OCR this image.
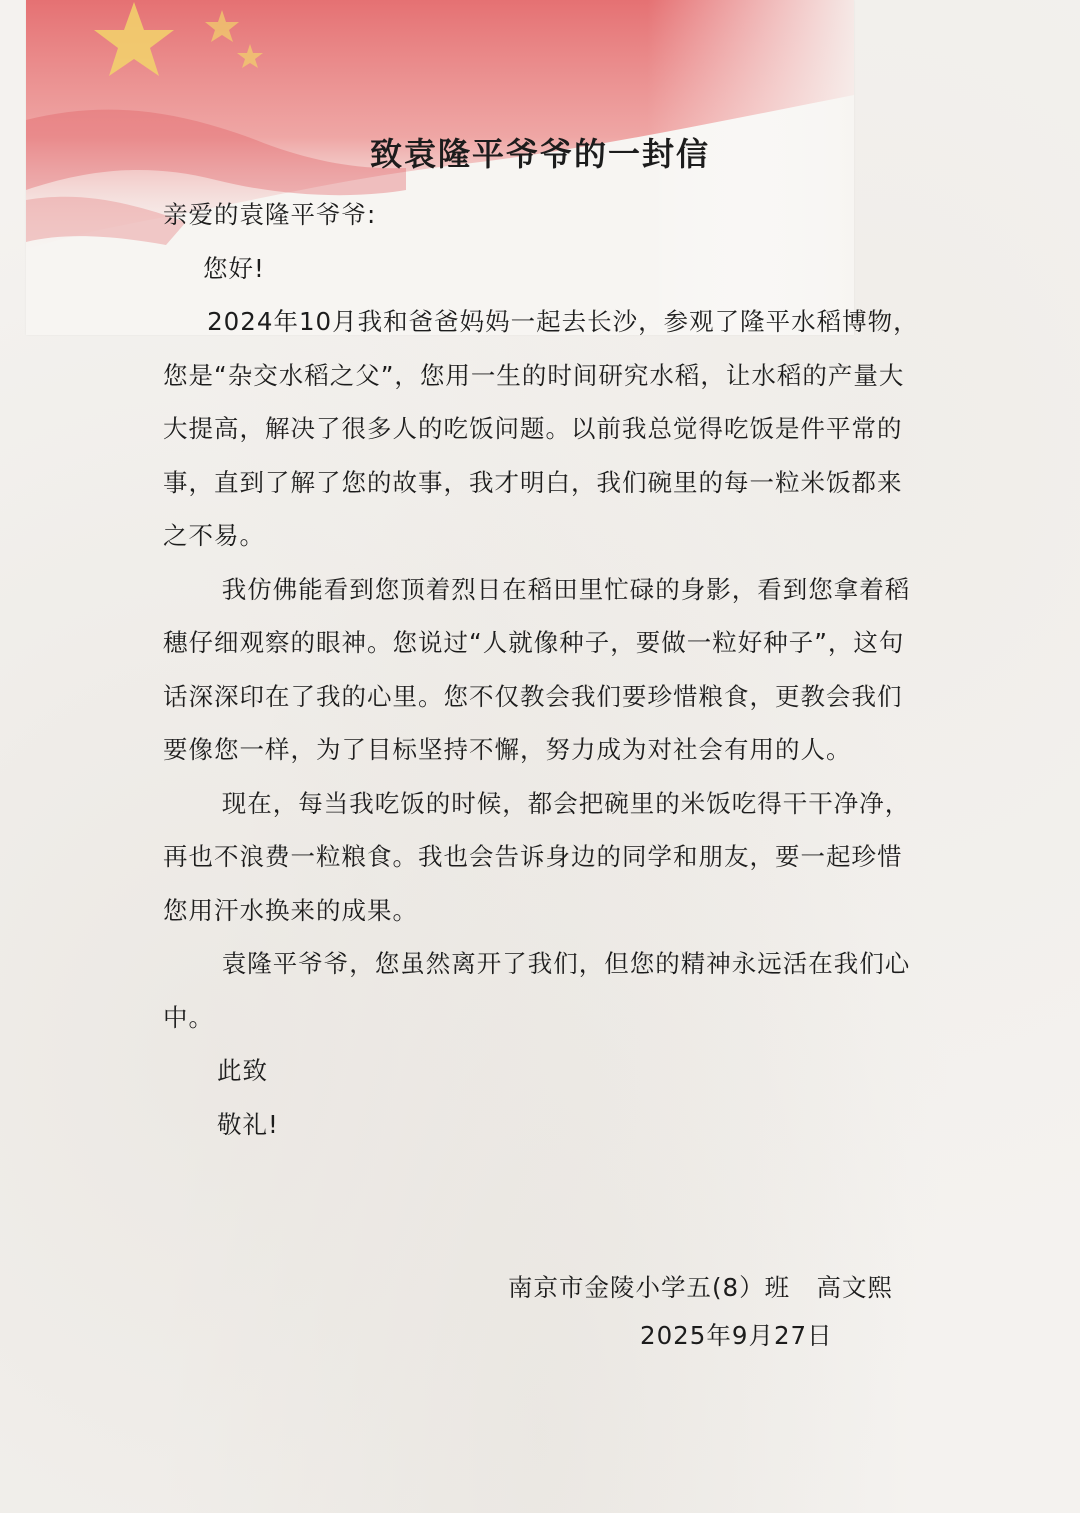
致袁隆平爷爷的一封信

亲爱的袁隆平爷爷:

您好!

2024年10月我和爸爸妈妈一起去长沙，参观了隆平水稻博物，您是“杂交水稻之父”，您用一生的时间研究水稻，让水稻的产量大大提高，解决了很多人的吃饭问题。以前我总觉得吃饭是件平常的事，直到了解了您的故事，我才明白，我们碗里的每一粒米饭都来之不易。

我仿佛能看到您顶着烈日在稻田里忙碌的身影，看到您拿着稻穗仔细观察的眼神。您说过“人就像种子，要做一粒好种子”，这句话深深印在了我的心里。您不仅教会我们要珍惜粮食，更教会我们要像您一样，为了目标坚持不懈，努力成为对社会有用的人。

现在，每当我吃饭的时候，都会把碗里的米饭吃得干干净净，再也不浪费一粒粮食。我也会告诉身边的同学和朋友，要一起珍惜您用汗水换来的成果。

袁隆平爷爷，您虽然离开了我们，但您的精神永远活在我们心中。

此致

敬礼!

南京市金陵小学五(8）班   高文熙
2025年9月27日
